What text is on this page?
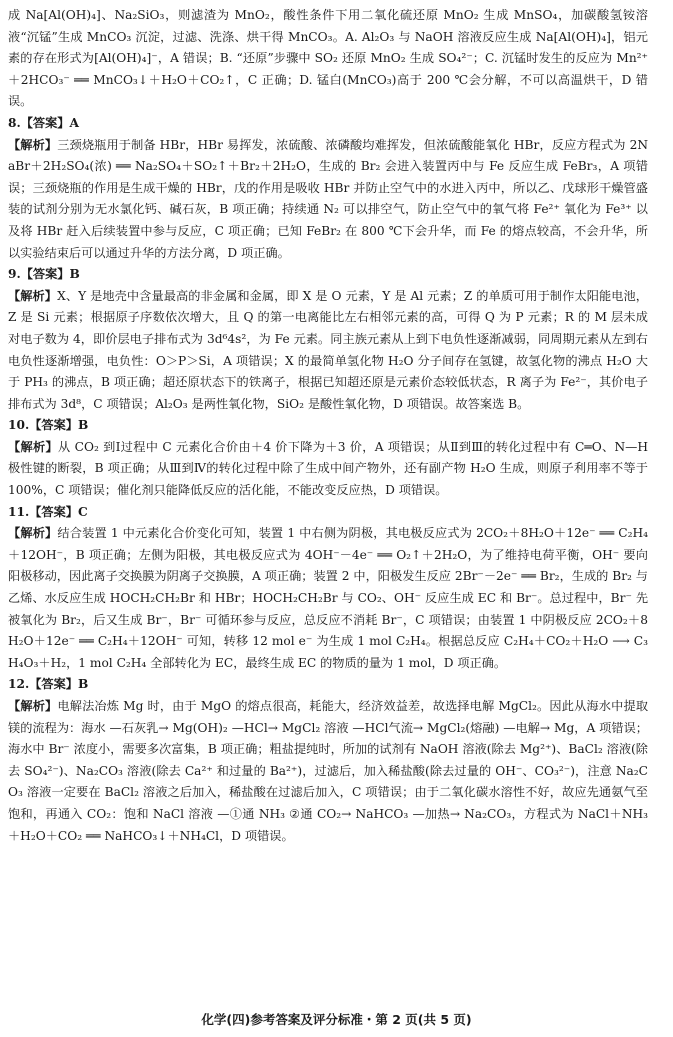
成 Na[Al(OH)₄]、Na₂SiO₃，则滤渣为 MnO₂，酸性条件下用二氧化硫还原 MnO₂ 生成 MnSO₄，加碳酸氢铵溶液“沉锰”生成 MnCO₃ 沉淀，过滤、洗涤、烘干得 MnCO₃。A. Al₂O₃ 与 NaOH 溶液反应生成 Na[Al(OH)₄]，铝元素的存在形式为[Al(OH)₄]⁻，A 错误；B. “还原”步骤中 SO₂ 还原 MnO₂ 生成 SO₄²⁻；C. 沉锰时发生的反应为 Mn²⁺＋2HCO₃⁻ ══ MnCO₃↓＋H₂O＋CO₂↑，C 正确；D. 锰白(MnCO₃)高于 200 ℃会分解，不可以高温烘干，D 错误。

8.【答案】A

【解析】三颈烧瓶用于制备 HBr，HBr 易挥发，浓硫酸、浓磷酸均难挥发，但浓硫酸能氧化 HBr，反应方程式为 2NaBr＋2H₂SO₄(浓) ══ Na₂SO₄＋SO₂↑＋Br₂＋2H₂O，生成的 Br₂ 会进入装置丙中与 Fe 反应生成 FeBr₃，A 项错误；三颈烧瓶的作用是生成干燥的 HBr，戊的作用是吸收 HBr 并防止空气中的水进入丙中，所以乙、戊球形干燥管盛装的试剂分别为无水氯化钙、碱石灰，B 项正确；持续通 N₂ 可以排空气，防止空气中的氧气将 Fe²⁺ 氧化为 Fe³⁺ 以及将 HBr 赶入后续装置中参与反应，C 项正确；已知 FeBr₂ 在 800 ℃下会升华，而 Fe 的熔点较高，不会升华，所以实验结束后可以通过升华的方法分离，D 项正确。

9.【答案】B

【解析】X、Y 是地壳中含量最高的非金属和金属，即 X 是 O 元素，Y 是 Al 元素；Z 的单质可用于制作太阳能电池，Z 是 Si 元素；根据原子序数依次增大，且 Q 的第一电离能比左右相邻元素的高，可得 Q 为 P 元素；R 的 M 层未成对电子数为 4，即价层电子排布式为 3d⁶4s²，为 Fe 元素。同主族元素从上到下电负性逐渐减弱，同周期元素从左到右电负性逐渐增强，电负性：O＞P＞Si，A 项错误；X 的最简单氢化物 H₂O 分子间存在氢键，故氢化物的沸点 H₂O 大于 PH₃ 的沸点，B 项正确；超还原状态下的铁离子，根据已知超还原是元素价态较低状态，R 离子为 Fe²⁻，其价电子排布式为 3d⁸，C 项错误；Al₂O₃ 是两性氧化物，SiO₂ 是酸性氧化物，D 项错误。故答案选 B。

10.【答案】B

【解析】从 CO₂ 到Ⅰ过程中 C 元素化合价由＋4 价下降为＋3 价，A 项错误；从Ⅱ到Ⅲ的转化过程中有 C═O、N—H 极性键的断裂，B 项正确；从Ⅲ到Ⅳ的转化过程中除了生成中间产物外，还有副产物 H₂O 生成，则原子利用率不等于 100%，C 项错误；催化剂只能降低反应的活化能，不能改变反应热，D 项错误。

11.【答案】C

【解析】结合装置 1 中元素化合价变化可知，装置 1 中右侧为阴极，其电极反应式为 2CO₂＋8H₂O＋12e⁻ ══ C₂H₄＋12OH⁻，B 项正确；左侧为阳极，其电极反应式为 4OH⁻－4e⁻ ══ O₂↑＋2H₂O，为了维持电荷平衡，OH⁻ 要向阳极移动，因此离子交换膜为阴离子交换膜，A 项正确；装置 2 中，阳极发生反应 2Br⁻－2e⁻ ══ Br₂，生成的 Br₂ 与乙烯、水反应生成 HOCH₂CH₂Br 和 HBr；HOCH₂CH₂Br 与 CO₂、OH⁻ 反应生成 EC 和 Br⁻。总过程中，Br⁻ 先被氧化为 Br₂，后又生成 Br⁻，Br⁻ 可循环参与反应，总反应不消耗 Br⁻，C 项错误；由装置 1 中阴极反应 2CO₂＋8H₂O＋12e⁻ ══ C₂H₄＋12OH⁻ 可知，转移 12 mol e⁻ 为生成 1 mol C₂H₄。根据总反应 C₂H₄＋CO₂＋H₂O ⟶ C₃H₄O₃＋H₂，1 mol C₂H₄ 全部转化为 EC，最终生成 EC 的物质的量为 1 mol，D 项正确。

12.【答案】B

【解析】电解法冶炼 Mg 时，由于 MgO 的熔点很高，耗能大，经济效益差，故选择电解 MgCl₂。因此从海水中提取镁的流程为：海水 —石灰乳→ Mg(OH)₂ —HCl→ MgCl₂ 溶液 —HCl气流→ MgCl₂(熔融) —电解→ Mg，A 项错误；海水中 Br⁻ 浓度小，需要多次富集，B 项正确；粗盐提纯时，所加的试剂有 NaOH 溶液(除去 Mg²⁺)、BaCl₂ 溶液(除去 SO₄²⁻)、Na₂CO₃ 溶液(除去 Ca²⁺ 和过量的 Ba²⁺)，过滤后，加入稀盐酸(除去过量的 OH⁻、CO₃²⁻)，注意 Na₂CO₃ 溶液一定要在 BaCl₂ 溶液之后加入，稀盐酸在过滤后加入，C 项错误；由于二氧化碳水溶性不好，故应先通氨气至饱和，再通入 CO₂：饱和 NaCl 溶液 —①通 NH₃ ②通 CO₂→ NaHCO₃ —加热→ Na₂CO₃，方程式为 NaCl＋NH₃＋H₂O＋CO₂ ══ NaHCO₃↓＋NH₄Cl，D 项错误。

化学(四)参考答案及评分标准・第 2 页(共 5 页)
